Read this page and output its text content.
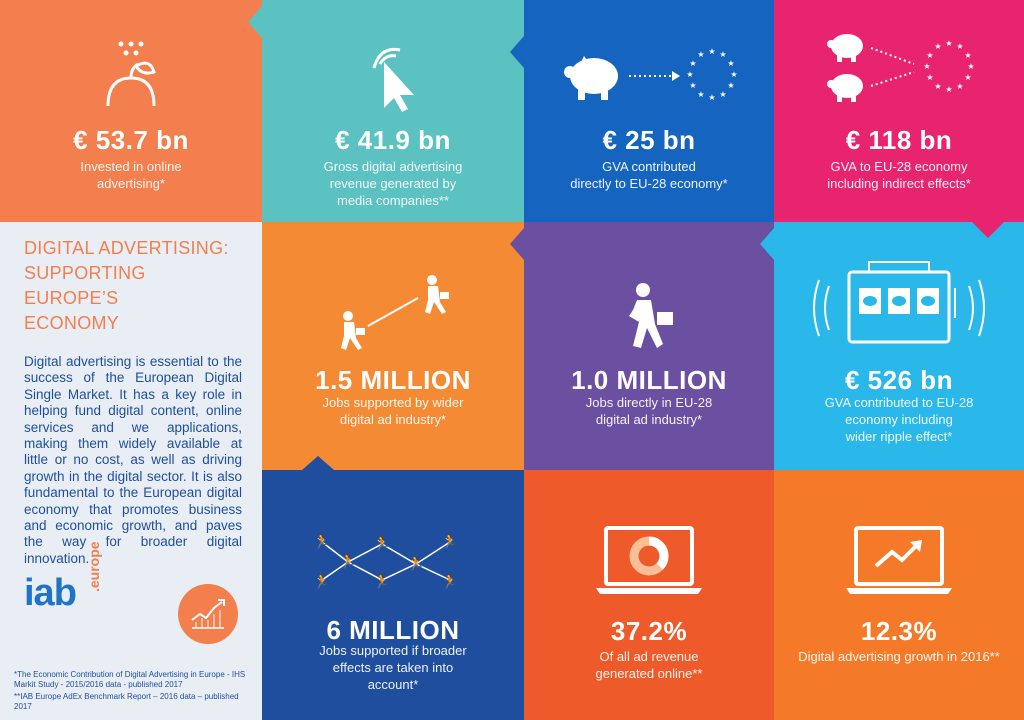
€ 53.7 bn
Invested in online
advertising*
€ 41.9 bn
Gross digital advertising
revenue generated by
media companies**
★ ★
★
★
★
★
★
★
★
★
★
★
€ 25 bn
GVA contributed
directly to EU-28 economy*
★ ★
★
★
★
★
★
★
★
★
★
★
€ 118 bn
GVA to EU-28 economy
including indirect effects*
DIGITAL ADVERTISING:
SUPPORTING EUROPE’S
ECONOMY
Digital advertising is essential to the success of the European Digital Single Market. It has a key role in helping fund digital content, online services and we applications, making them widely available at little or no cost, as well as driving growth in the digital sector. It is also fundamental to the European digital economy that promotes business and economic growth, and paves the way for broader digital innovation.
iab
.europe
*The Economic Contribution of Digital Advertising in Europe - IHS Markit Study - 2015/2016 data - published 2017
**IAB Europe AdEx Benchmark Report – 2016 data – published 2017
1.5 MILLION
Jobs supported by wider
digital ad industry*
1.0 MILLION
Jobs directly in EU-28
digital ad industry*
€ 526 bn
GVA contributed to EU-28
economy including
wider ripple effect*
🏃
🏃
🏃
🏃
🏃
🏃	🏃	🏃
6 MILLION
Jobs supported if broader
effects are taken into
account*
37.2%
Of all ad revenue
generated online**
12.3%
Digital advertising growth in 2016**
